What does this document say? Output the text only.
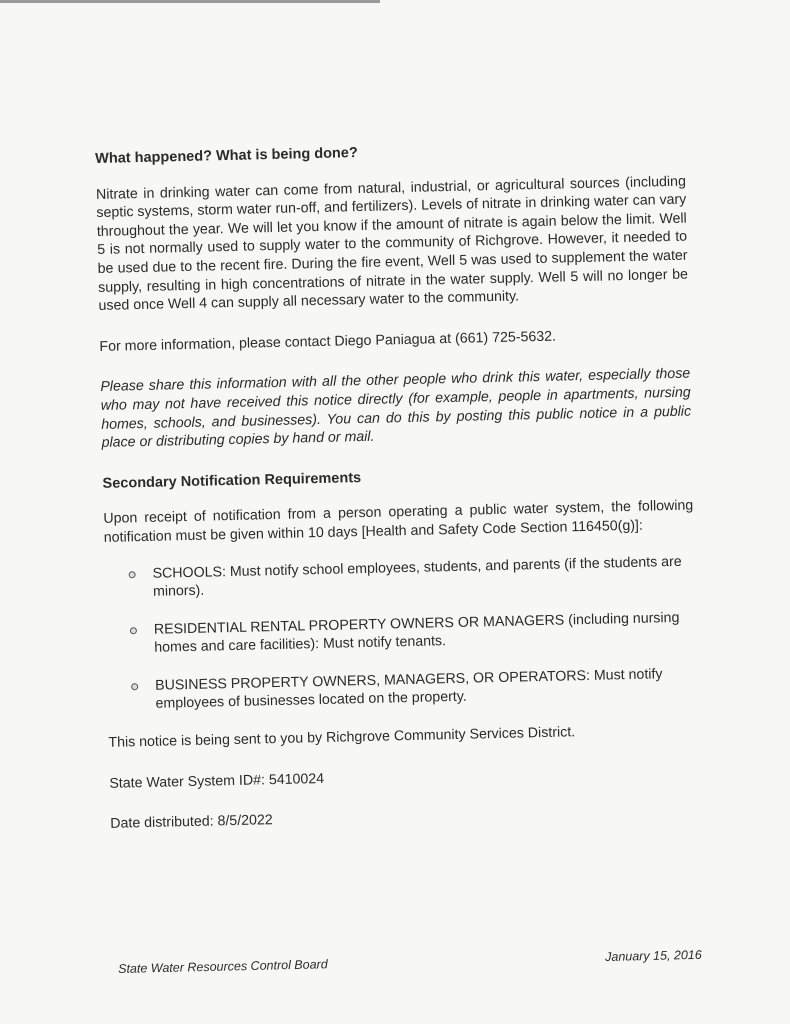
What happened? What is being done?

Nitrate in drinking water can come from natural, industrial, or agricultural sources (including septic systems, storm water run-off, and fertilizers). Levels of nitrate in drinking water can vary throughout the year. We will let you know if the amount of nitrate is again below the limit. Well 5 is not normally used to supply water to the community of Richgrove. However, it needed to be used due to the recent fire. During the fire event, Well 5 was used to supplement the water supply, resulting in high concentrations of nitrate in the water supply. Well 5 will no longer be used once Well 4 can supply all necessary water to the community.

For more information, please contact Diego Paniagua at (661) 725-5632.

Please share this information with all the other people who drink this water, especially those who may not have received this notice directly (for example, people in apartments, nursing homes, schools, and businesses). You can do this by posting this public notice in a public place or distributing copies by hand or mail.

Secondary Notification Requirements

Upon receipt of notification from a person operating a public water system, the following notification must be given within 10 days [Health and Safety Code Section 116450(g)]:

SCHOOLS: Must notify school employees, students, and parents (if the students are minors).
RESIDENTIAL RENTAL PROPERTY OWNERS OR MANAGERS (including nursing homes and care facilities): Must notify tenants.
BUSINESS PROPERTY OWNERS, MANAGERS, OR OPERATORS: Must notify employees of businesses located on the property.

This notice is being sent to you by Richgrove Community Services District.

State Water System ID#: 5410024

Date distributed: 8/5/2022

State Water Resources Control Board
January 15, 2016
